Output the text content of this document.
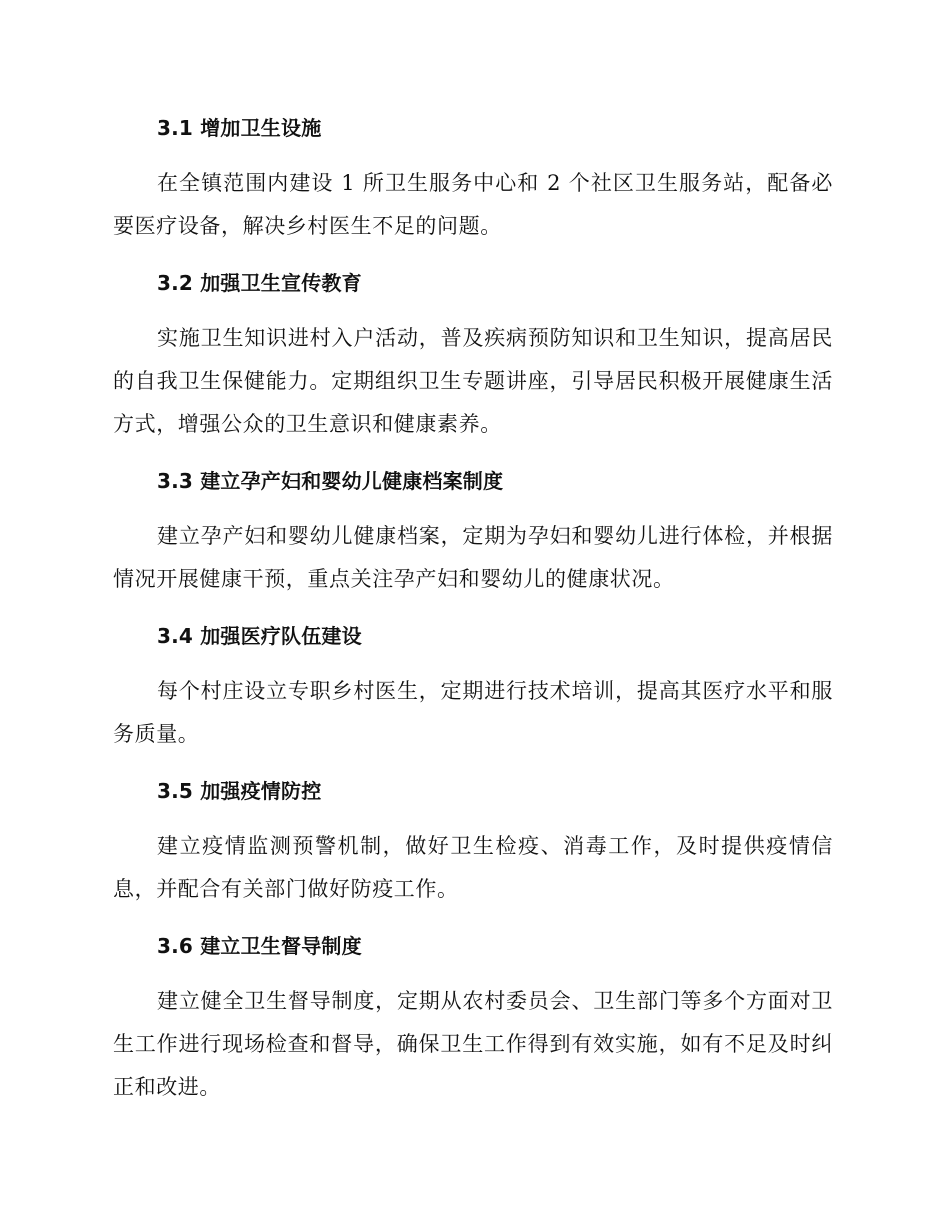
3.1 增加卫生设施

在全镇范围内建设 1 所卫生服务中心和 2 个社区卫生服务站，配备必要医疗设备，解决乡村医生不足的问题。

3.2 加强卫生宣传教育

实施卫生知识进村入户活动，普及疾病预防知识和卫生知识，提高居民的自我卫生保健能力。定期组织卫生专题讲座，引导居民积极开展健康生活方式，增强公众的卫生意识和健康素养。

3.3 建立孕产妇和婴幼儿健康档案制度

建立孕产妇和婴幼儿健康档案，定期为孕妇和婴幼儿进行体检，并根据情况开展健康干预，重点关注孕产妇和婴幼儿的健康状况。

3.4 加强医疗队伍建设

每个村庄设立专职乡村医生，定期进行技术培训，提高其医疗水平和服务质量。

3.5 加强疫情防控

建立疫情监测预警机制，做好卫生检疫、消毒工作，及时提供疫情信息，并配合有关部门做好防疫工作。

3.6 建立卫生督导制度

建立健全卫生督导制度，定期从农村委员会、卫生部门等多个方面对卫生工作进行现场检查和督导，确保卫生工作得到有效实施，如有不足及时纠正和改进。
